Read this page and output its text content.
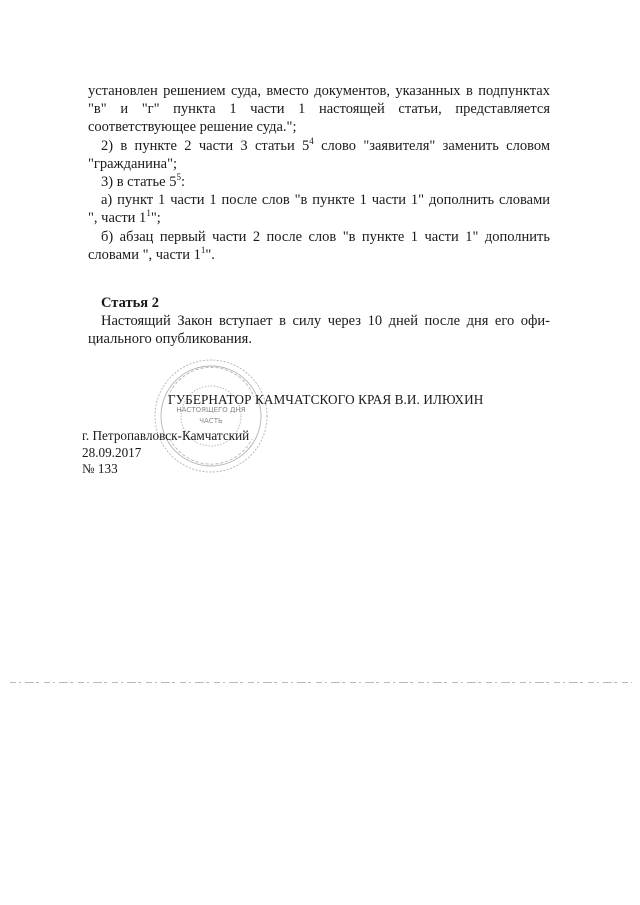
установлен решением суда, вместо документов, указанных в подпунктах
"в" и "г" пункта 1 части 1 настоящей статьи, представляется
соответствующее решение суда.";

2) в пункте 2 части 3 статьи $5^4$ слово "заявителя" заменить словом
"гражданина";

3) в статье $5^5$:

а) пункт 1 части 1 после слов "в пункте 1 части 1" дополнить словами
", части $1^1$";

б) абзац первый части 2 после слов "в пункте 1 части 1" дополнить
словами ", части $1^1$".

Статья 2

Настоящий Закон вступает в силу через 10 дней после дня его офи-
циального опубликования.

НАСТОЯЩЕГО ДНЯ
ЧАСТЬ
ГУБЕРНАТОР КАМЧАТСКОГО КРАЯ В.И. ИЛЮХИН
г. Петропавловск-Камчатский
28.09.2017
№ 133
